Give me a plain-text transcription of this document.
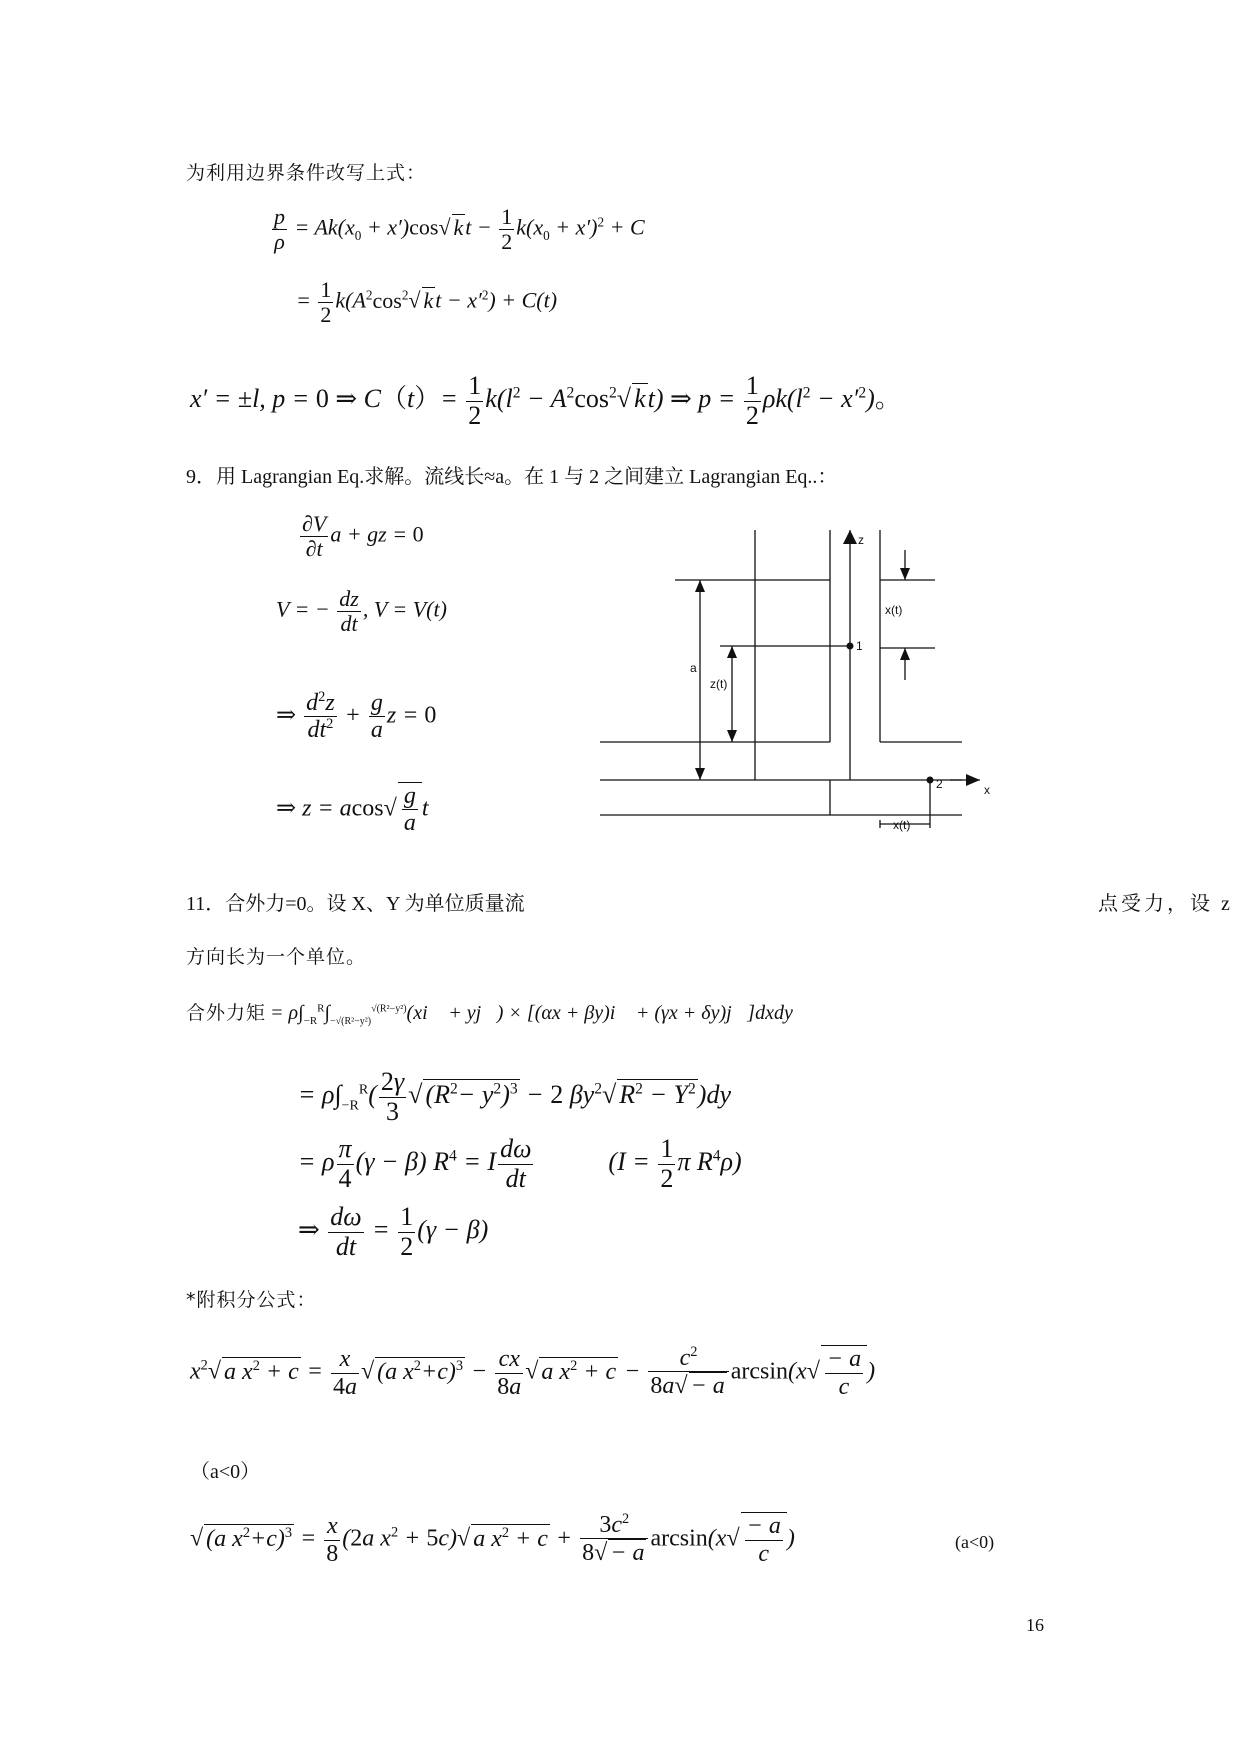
为利用边界条件改写上式：
$\frac{p}{\rho} = Ak(x_0 + x')\cos√$ kt − $\frac{1}{2} k(x_0 + x')^2 + C$
= $\frac{1}{2} k(A^2\cos^2√$ kt − $x'^2) + C(t)$
x′ = ±l, p = 0 ⇒ $C(t)= \frac{1}{2} k(l^2 - A^2\cos^2√$ kt) ⇒ $p = \frac{1}{2} \rho k(l^2 - x'^2)$。
9．用 Lagrangian Eq.求解。流线长≈a。在 1 与 2 之间建立 Lagrangian Eq..：
$\frac{\partial V}{\partial t}$ a + gz = 0
V = − $\frac{dz}{dt}$ , V = V(t)
⇒ $\frac{d^2z}{dt^2} + \frac{g}{a}$ z = 0
⇒ $z = acos√ \frac{g}{a}$ t
z
x
1
2
a
z(t)
x(t)
x(t)
11．合外力=0。设 X、Y 为单位质量流	点受力，设 z
方向长为一个单位。
合外力矩 = $\rho\int_{-R}^R\int_{-√(R^2-y^2)}^{√(R^2-y^2)}(xi⃗$ + yj⃗) × [(αx + βy)i⃗ + (γx + δy)j⃗]dxdy
= $\rho\int_{-R}^R( \frac{2\gamma}{3}$ √ $(R^2- y^2)^3 - 2$ $\beta y^2√$ $R^2 - Y^2)dy$
= ρ $\frac{\pi}{4} (\gamma - \beta) R^4 = I \frac{d\omega}{dt}$	($I = \frac{1}{2}$ π $R^4\rho$)
⇒ $\frac{d\omega}{dt} = \frac{1}{2} (\gamma - \beta)$
*附积分公式：
$x^2√$ a $x^2 + c = \frac{x}{4a}$ √ (a $x^2+c)^3 - \frac{cx}{8a}$ √ a $x^2 + c - \frac{c^2}{8a√ - a} \arcsin(x√ \frac{- a}{c}$ )
（a<0）
√ (a $x^2+c)^3 = \frac{x}{8} (2a$ $x^2 + 5c)√$ a $x^2 + c + \frac{3c^2}{8√ - a} \arcsin(x√ \frac{- a}{c}$ )	(a<0)
16
